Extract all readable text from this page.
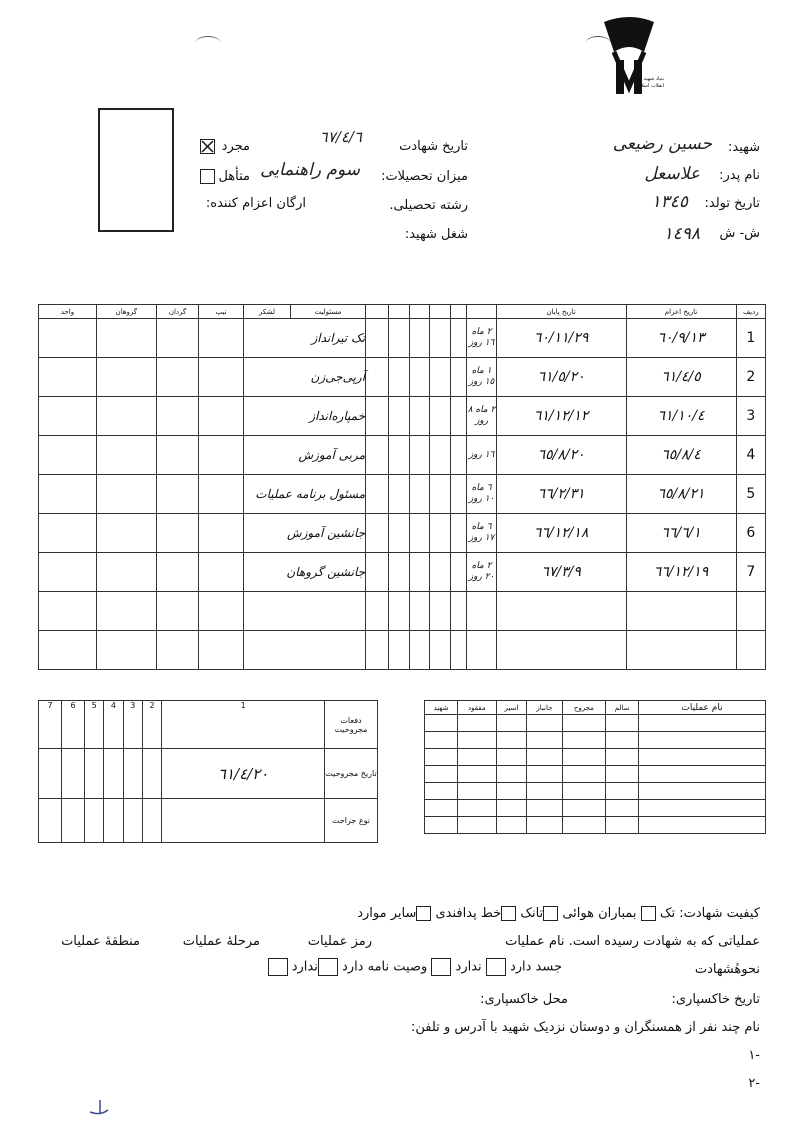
بنیاد شهید انقلاب اسلامی
شهید:
حسین رضیعی
نام پدر:
علاسعل
تاریخ تولد:
١٣٤٥
ش- ش
١٤٩٨
تاریخ شهادت
٦٧/٤/٦
مجرد
میزان تحصیلات:
سوم راهنمایی
متأهل
رشته تحصیلی.
ارگان اعزام کننده:
شغل شهید:
ردیف	تاریخ اعزام	تاریخ پایان							مسئولیت	لشکر	تیپ	گردان	گروهان	واحد
1	٦٠/٩/١٣	٦٠/١١/٢٩	٢ ماه ١٦ روز						تک تیرانداز					
2	٦١/٤/٥	٦١/٥/٢٠	١ ماه ١٥ روز						آرپی‌جی‌زن					
3	٦١/١٠/٤	٦١/١٢/١٢	٢ ماه ٨ روز						خمپاره‌انداز					
4	٦٥/٨/٤	٦٥/٨/٢٠	١٦ روز						مربی آموزش					
5	٦٥/٨/٢١	٦٦/٢/٣١	٦ ماه ١٠ روز						مسئول برنامه عملیات					
6	٦٦/٦/١	٦٦/١٢/١٨	٦ ماه ١٧ روز						جانشین آموزش					
7	٦٦/١٢/١٩	٦٧/٣/٩	٢ ماه ٢٠ روز						جانشین گروهان					

نام عملیات	سالم	مجروح	جانباز	اسیر	مفقود	شهید

دفعات مجروحیت	1	2	3	4	5	6	7
تاریخ مجروحیت	٦١/٤/٢٠						
نوع جراحت							
کیفیت شهادت: تک  بمباران هوائی تانک خط پدافندی سایر موارد
عملیاتی که به شهادت رسیده است. نام عملیات
رمز عملیات
مرحلهٔ عملیات
منطقهٔ عملیات
نحوهٔشهادت
جسد دارد  ندارد  وصیت نامه دارد ندارد
تاریخ خاکسپاری:
محل خاکسپاری:
نام چند نفر از همسنگران و دوستان نزدیک شهید با آدرس و تلفن:
-١
-٢
